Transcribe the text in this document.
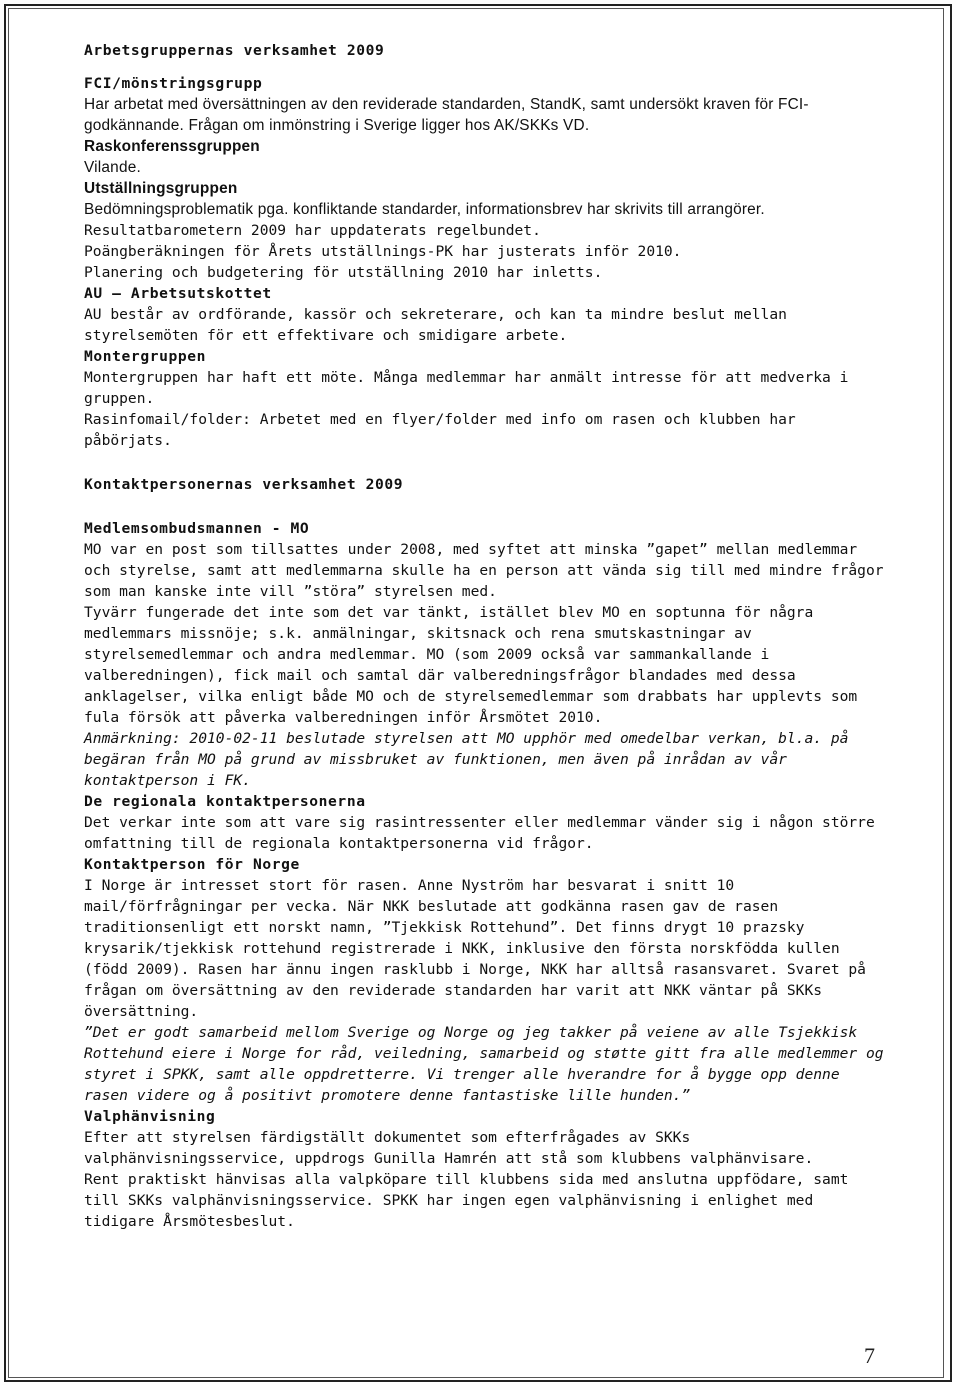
Arbetsgruppernas verksamhet 2009
FCI/mönstringsgrupp

Har arbetat med översättningen av den reviderade standarden, StandK, samt undersökt kraven för FCI-godkännande. Frågan om inmönstring i Sverige ligger hos AK/SKKs VD.

Raskonferenssgruppen

Vilande.

Utställningsgruppen

Bedömningsproblematik pga. konfliktande standarder, informationsbrev har skrivits till arrangörer.

Resultatbarometern 2009 har uppdaterats regelbundet.

Poängberäkningen för Årets utställnings-PK har justerats inför 2010.

Planering och budgetering för utställning 2010 har inletts.

AU – Arbetsutskottet

AU består av ordförande, kassör och sekreterare, och kan ta mindre beslut mellan styrelsemöten för ett effektivare och smidigare arbete.

Montergruppen

Montergruppen har haft ett möte. Många medlemmar har anmält intresse för att medverka i gruppen.

Rasinfomail/folder: Arbetet med en flyer/folder med info om rasen och klubben har påbörjats.

Kontaktpersonernas verksamhet 2009
Medlemsombudsmannen - MO

MO var en post som tillsattes under 2008, med syftet att minska ”gapet” mellan medlemmar och styrelse, samt att medlemmarna skulle ha en person att vända sig till med mindre frågor som man kanske inte vill ”störa” styrelsen med.

Tyvärr fungerade det inte som det var tänkt, istället blev MO en soptunna för några medlemmars missnöje; s.k. anmälningar, skitsnack och rena smutskastningar av styrelsemedlemmar och andra medlemmar. MO (som 2009 också var sammankallande i valberedningen), fick mail och samtal där valberedningsfrågor blandades med dessa anklagelser, vilka enligt både MO och de styrelsemedlemmar som drabbats har upplevts som fula försök att påverka valberedningen inför Årsmötet 2010.

Anmärkning: 2010-02-11 beslutade styrelsen att MO upphör med omedelbar verkan, bl.a. på begäran från MO på grund av missbruket av funktionen, men även på inrådan av vår kontaktperson i FK.

De regionala kontaktpersonerna

Det verkar inte som att vare sig rasintressenter eller medlemmar vänder sig i någon större omfattning till de regionala kontaktpersonerna vid frågor.

Kontaktperson för Norge

I Norge är intresset stort för rasen. Anne Nyström har besvarat i snitt 10 mail/förfrågningar per vecka. När NKK beslutade att godkänna rasen gav de rasen traditionsenligt ett norskt namn, ”Tjekkisk Rottehund”. Det finns drygt 10 prazsky krysarik/tjekkisk rottehund registrerade i NKK, inklusive den första norskfödda kullen (född 2009). Rasen har ännu ingen rasklubb i Norge, NKK har alltså rasansvaret. Svaret på frågan om översättning av den reviderade standarden har varit att NKK väntar på SKKs översättning.

”Det er godt samarbeid mellom Sverige og Norge og jeg takker på veiene av alle Tsjekkisk Rottehund eiere i Norge for råd, veiledning, samarbeid og støtte gitt fra alle medlemmer og styret i SPKK, samt alle oppdretterre. Vi trenger alle hverandre for å bygge opp denne rasen videre og å positivt promotere denne fantastiske lille hunden.”

Valphänvisning

Efter att styrelsen färdigställt dokumentet som efterfrågades av SKKs valphänvisningsservice, uppdrogs Gunilla Hamrén att stå som klubbens valphänvisare.

Rent praktiskt hänvisas alla valpköpare till klubbens sida med anslutna uppfödare, samt till SKKs valphänvisningsservice. SPKK har ingen egen valphänvisning i enlighet med tidigare Årsmötesbeslut.

7
